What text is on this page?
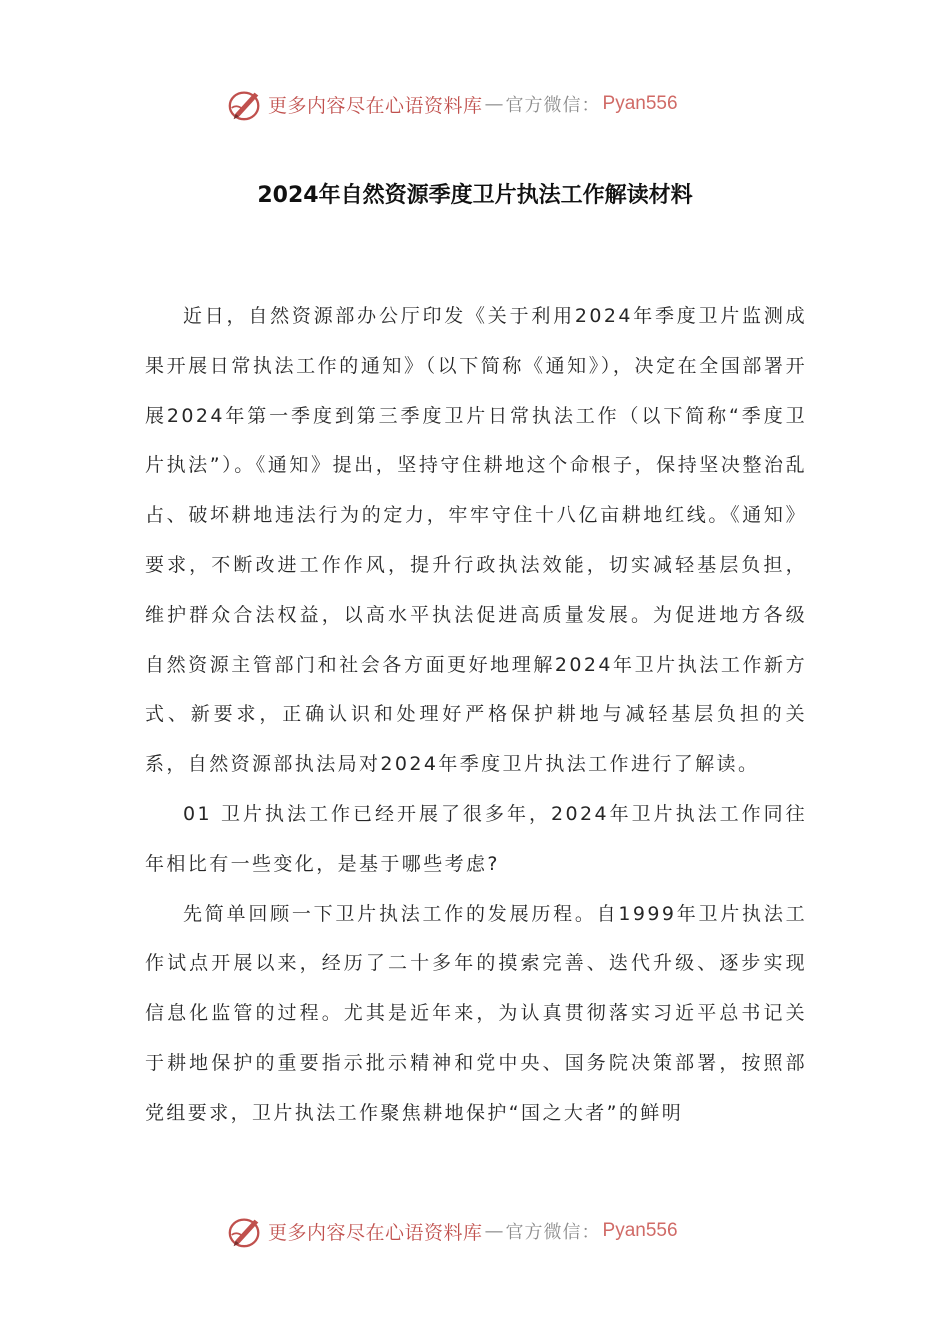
更多内容尽在心语资料库 — 官方微信： Pyan556
2024年自然资源季度卫片执法工作解读材料

近日，自然资源部办公厅印发《关于利用2024年季度卫片监测成果开展日常执法工作的通知》（以下简称《通知》），决定在全国部署开展2024年第一季度到第三季度卫片日常执法工作（以下简称“季度卫片执法”）。《通知》提出，坚持守住耕地这个命根子，保持坚决整治乱占、破坏耕地违法行为的定力，牢牢守住十八亿亩耕地红线。《通知》要求，不断改进工作作风，提升行政执法效能，切实减轻基层负担，维护群众合法权益，以高水平执法促进高质量发展。为促进地方各级自然资源主管部门和社会各方面更好地理解2024年卫片执法工作新方式、新要求，正确认识和处理好严格保护耕地与减轻基层负担的关系，自然资源部执法局对2024年季度卫片执法工作进行了解读。

01 卫片执法工作已经开展了很多年，2024年卫片执法工作同往年相比有一些变化，是基于哪些考虑?

先简单回顾一下卫片执法工作的发展历程。自1999年卫片执法工作试点开展以来，经历了二十多年的摸索完善、迭代升级、逐步实现信息化监管的过程。尤其是近年来，为认真贯彻落实习近平总书记关于耕地保护的重要指示批示精神和党中央、国务院决策部署，按照部党组要求，卫片执法工作聚焦耕地保护“国之大者”的鲜明

更多内容尽在心语资料库 — 官方微信： Pyan556
